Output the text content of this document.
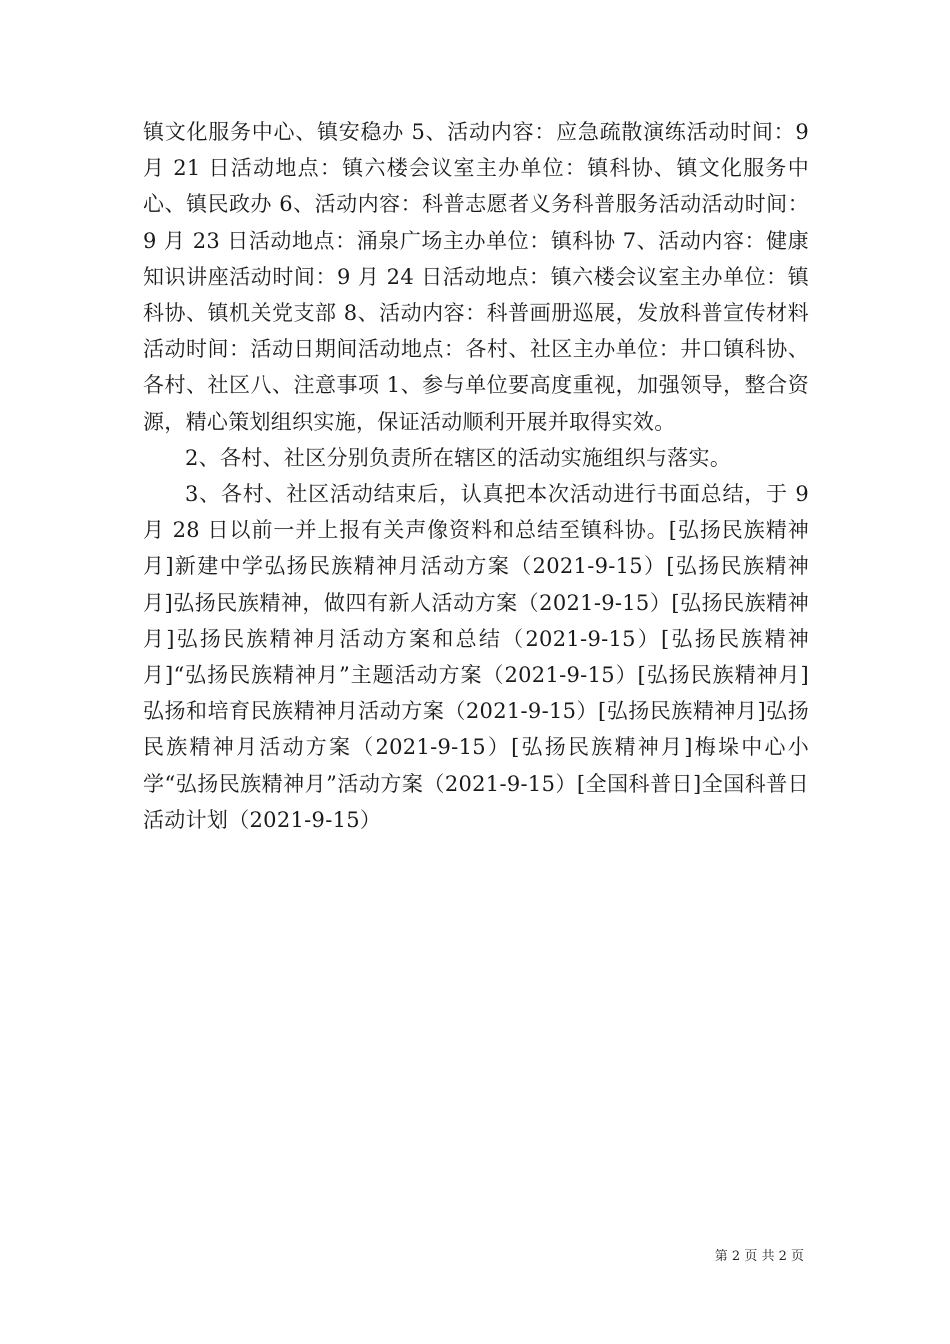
镇文化服务中心、镇安稳办 5、活动内容：应急疏散演练活动时间：9 月 21 日活动地点：镇六楼会议室主办单位：镇科协、镇文化服务中心、镇民政办 6、活动内容：科普志愿者义务科普服务活动活动时间：9 月 23 日活动地点：涌泉广场主办单位：镇科协 7、活动内容：健康知识讲座活动时间：9 月 24 日活动地点：镇六楼会议室主办单位：镇科协、镇机关党支部 8、活动内容：科普画册巡展，发放科普宣传材料活动时间：活动日期间活动地点：各村、社区主办单位：井口镇科协、各村、社区八、注意事项 1、参与单位要高度重视，加强领导，整合资源，精心策划组织实施，保证活动顺利开展并取得实效。

2、各村、社区分别负责所在辖区的活动实施组织与落实。

3、各村、社区活动结束后，认真把本次活动进行书面总结，于 9 月 28 日以前一并上报有关声像资料和总结至镇科协。[弘扬民族精神月]新建中学弘扬民族精神月活动方案（2021-9-15）[弘扬民族精神月]弘扬民族精神，做四有新人活动方案（2021-9-15）[弘扬民族精神月]弘扬民族精神月活动方案和总结（2021-9-15）[弘扬民族精神月]“弘扬民族精神月”主题活动方案（2021-9-15）[弘扬民族精神月]弘扬和培育民族精神月活动方案（2021-9-15）[弘扬民族精神月]弘扬民族精神月活动方案（2021-9-15）[弘扬民族精神月]梅垛中心小学“弘扬民族精神月”活动方案（2021-9-15）[全国科普日]全国科普日活动计划（2021-9-15）

第 2 页 共 2 页
